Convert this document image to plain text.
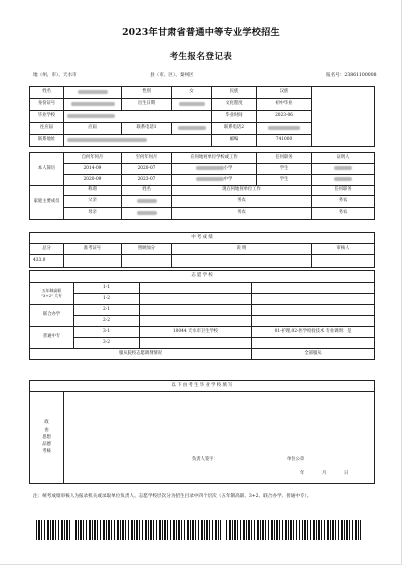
2023年甘肃省普通中等专业学校招生
考生报名登记表
地（州、市）、天水市	县（市、区）、秦州区	报名号：23861100008
姓名		性别	女	民族	汉族	

身份证号		出生日期		文化程度	初中毕业	
毕业学校				毕业时间	2023-06	
往应届	应届	联系电话1		联系电话2		
联系地址				邮编	741000	
本人简历	自何年何月	至何年何月	在何地何单位学校或工作	任何职务	证明人
	2014-09	2020-07	小学	学生	
	2020-09	2023-07	中学	学生	
家庭主要成员	称谓	姓名	现在何地何单位工作		任何职务
	父亲		务农		务农
	母亲		务农		务农
中 考 成 绩				
总分	准考证号	照顾加分	说 明	审核人
433.0				
志 愿 学 校			
五年制高职
"3+2" 大专	1-1		
	1-2		
联合办学	2-1		
	2-2		
普通中专	3-1	10044 天水市卫生学校	01-护理,02-医学检验技术 专业调剂：是
	3-2		
服从院校志愿调剂情况			全部服从
以 下 由 考 生 毕 业 学 校 填 写
政
由
思想
品德
考核	
负责人签字：	单位公章
年	月	日
注：统考成绩审核人为报录机关或录取单位负责人。志愿学校层次分为招生目录中四个层次（五年制高职、3+2、联合办学、普通中专）。
